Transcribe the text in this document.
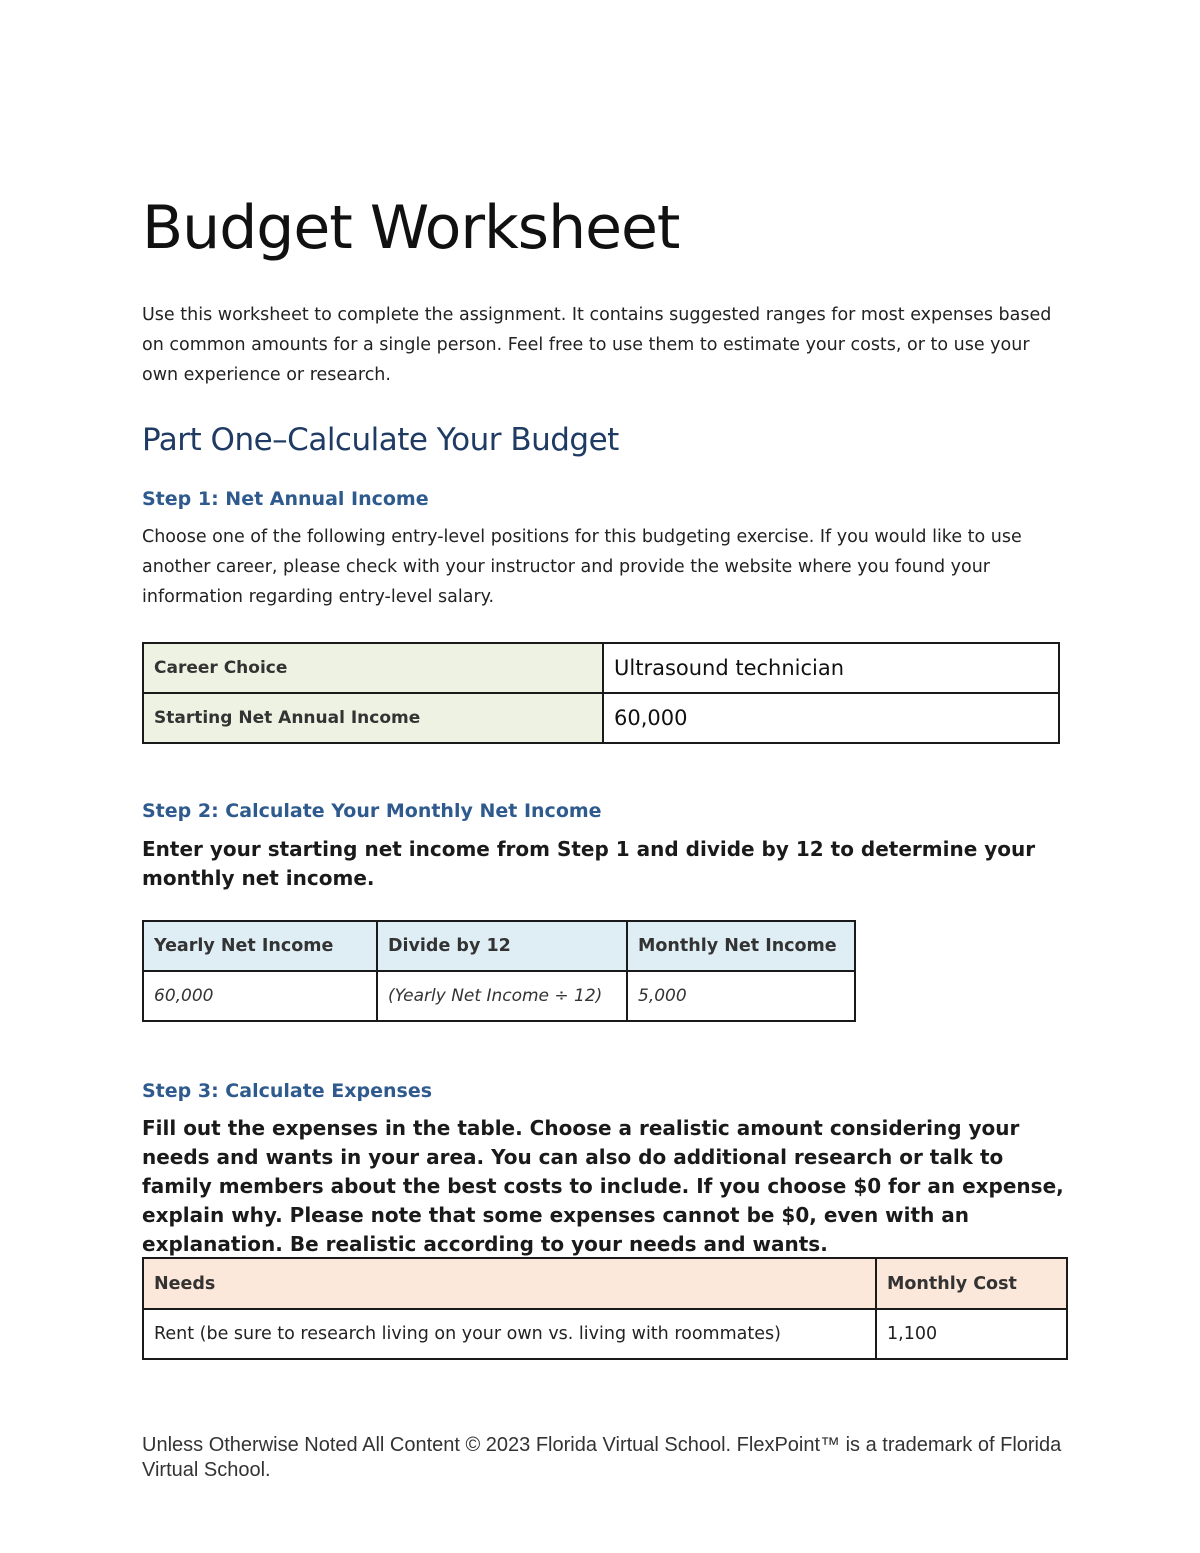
Budget Worksheet

Use this worksheet to complete the assignment. It contains suggested ranges for most expenses based on common amounts for a single person. Feel free to use them to estimate your costs, or to use your own experience or research.

Part One–Calculate Your Budget
Step 1: Net Annual Income

Choose one of the following entry-level positions for this budgeting exercise. If you would like to use another career, please check with your instructor and provide the website where you found your information regarding entry-level salary.

Career Choice	Ultrasound technician
Starting Net Annual Income	60,000
Step 2: Calculate Your Monthly Net Income

Enter your starting net income from Step 1 and divide by 12 to determine your monthly net income.

Yearly Net Income	Divide by 12	Monthly Net Income
60,000	(Yearly Net Income ÷ 12)	5,000
Step 3: Calculate Expenses

Fill out the expenses in the table. Choose a realistic amount considering your needs and wants in your area. You can also do additional research or talk to family members about the best costs to include. If you choose $0 for an expense, explain why. Please note that some expenses cannot be $0, even with an explanation. Be realistic according to your needs and wants.

Needs	Monthly Cost
Rent (be sure to research living on your own vs. living with roommates)	1,100

Unless Otherwise Noted All Content © 2023 Florida Virtual School. FlexPoint™ is a trademark of Florida Virtual School.
